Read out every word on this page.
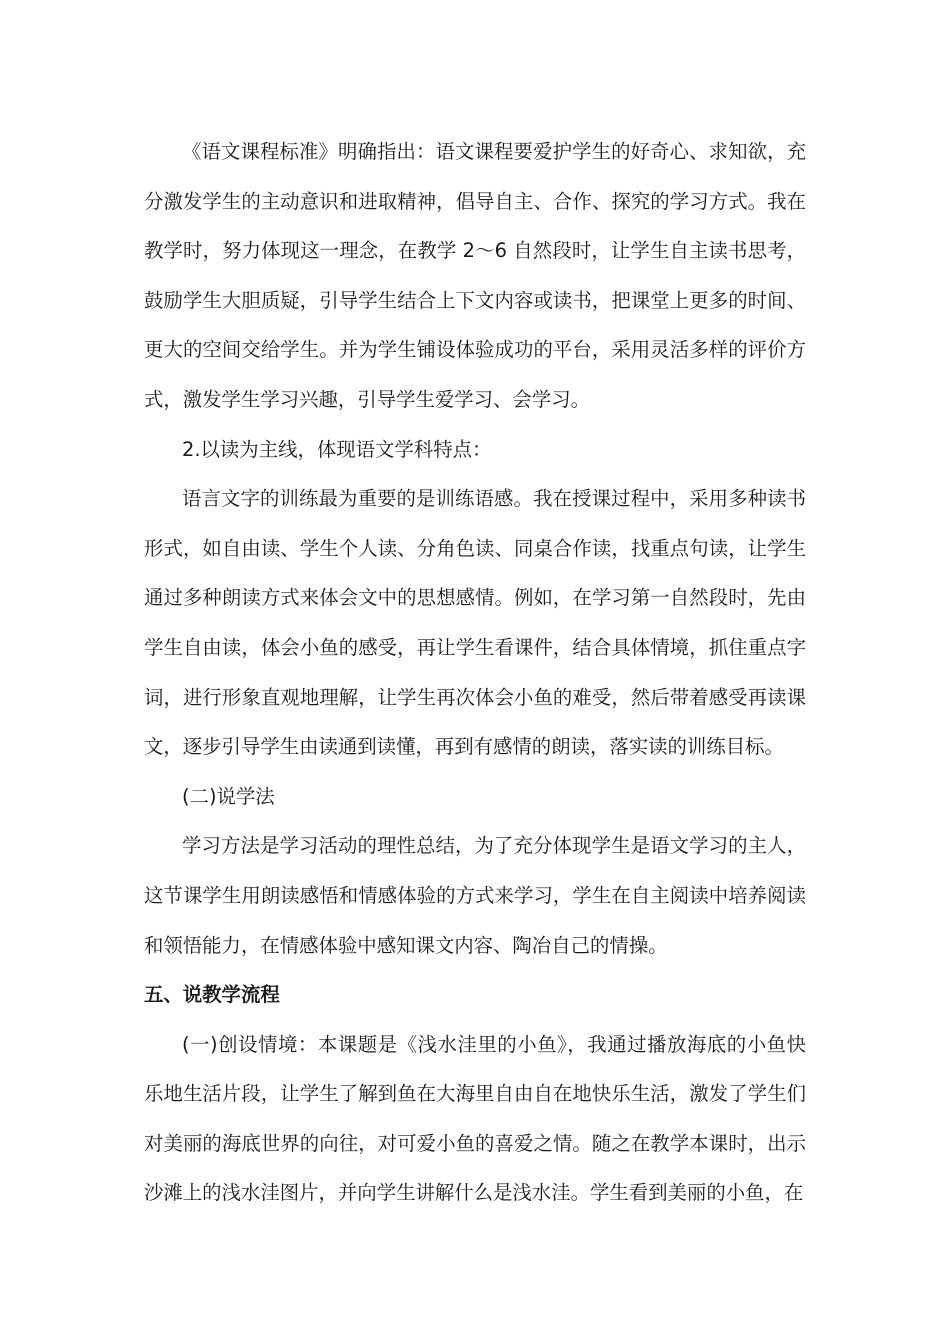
《语文课程标准》明确指出：语文课程要爱护学生的好奇心、求知欲，充分激发学生的主动意识和进取精神，倡导自主、合作、探究的学习方式。我在教学时，努力体现这一理念，在教学 2～6 自然段时，让学生自主读书思考，鼓励学生大胆质疑，引导学生结合上下文内容或读书，把课堂上更多的时间、更大的空间交给学生。并为学生铺设体验成功的平台，采用灵活多样的评价方式，激发学生学习兴趣，引导学生爱学习、会学习。

2.以读为主线，体现语文学科特点：

语言文字的训练最为重要的是训练语感。我在授课过程中，采用多种读书形式，如自由读、学生个人读、分角色读、同桌合作读，找重点句读，让学生通过多种朗读方式来体会文中的思想感情。例如，在学习第一自然段时，先由学生自由读，体会小鱼的感受，再让学生看课件，结合具体情境，抓住重点字词，进行形象直观地理解，让学生再次体会小鱼的难受，然后带着感受再读课文，逐步引导学生由读通到读懂，再到有感情的朗读，落实读的训练目标。

(二)说学法

学习方法是学习活动的理性总结，为了充分体现学生是语文学习的主人，这节课学生用朗读感悟和情感体验的方式来学习，学生在自主阅读中培养阅读和领悟能力，在情感体验中感知课文内容、陶冶自己的情操。

五、说教学流程

(一)创设情境：本课题是《浅水洼里的小鱼》，我通过播放海底的小鱼快乐地生活片段，让学生了解到鱼在大海里自由自在地快乐生活，激发了学生们对美丽的海底世界的向往，对可爱小鱼的喜爱之情。随之在教学本课时，出示沙滩上的浅水洼图片，并向学生讲解什么是浅水洼。学生看到美丽的小鱼，在
